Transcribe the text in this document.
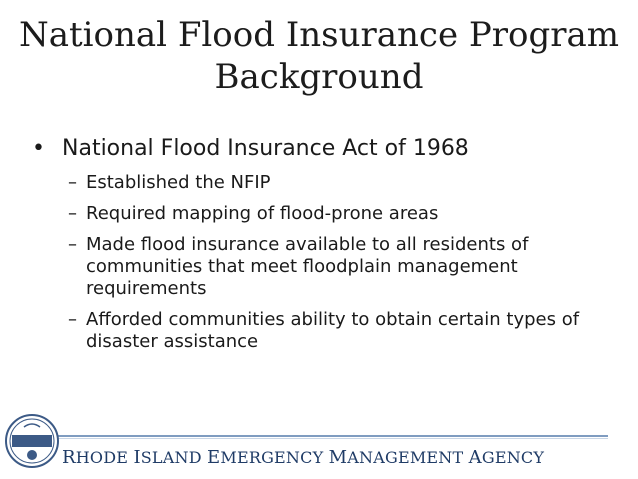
National Flood Insurance Program
Background
• National Flood Insurance Act of 1968
– Established the NFIP
– Required mapping of flood-prone areas
– Made flood insurance available to all residents of communities that meet floodplain management requirements
– Afforded communities ability to obtain certain types of disaster assistance
RHODE ISLAND EMERGENCY MANAGEMENT AGENCY
